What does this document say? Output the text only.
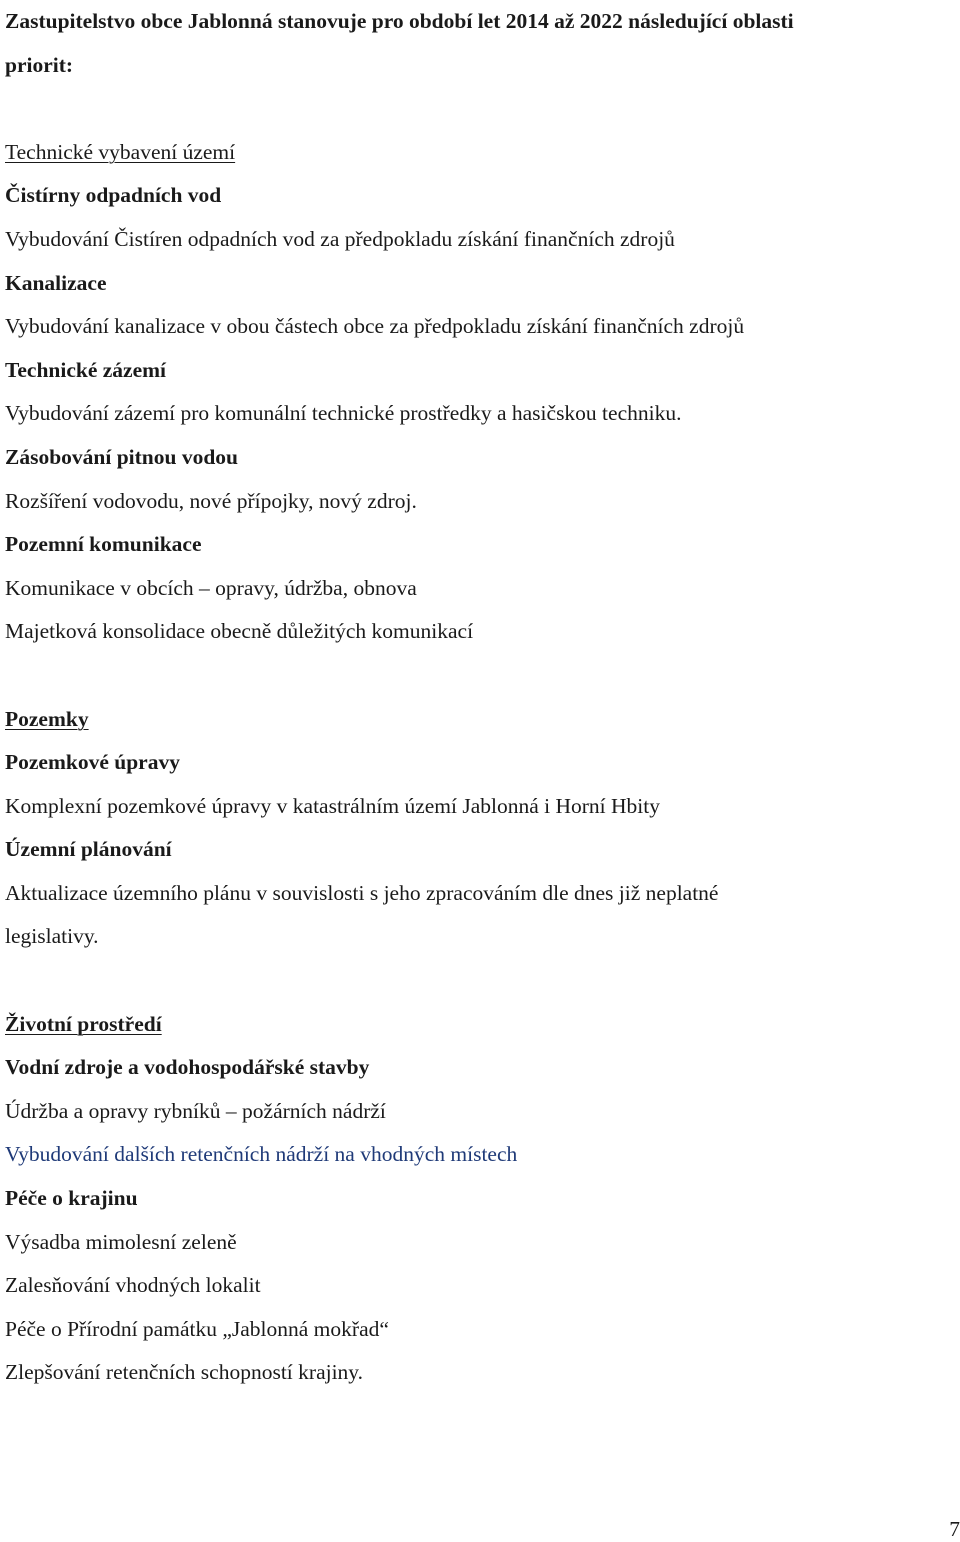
Zastupitelstvo obce Jablonná stanovuje pro období let 2014 až 2022 následující oblasti
priorit:
Technické vybavení území
Čistírny odpadních vod
Vybudování Čistíren odpadních vod za předpokladu získání finančních zdrojů
Kanalizace
Vybudování kanalizace v obou částech obce za předpokladu získání finančních zdrojů
Technické zázemí
Vybudování zázemí pro komunální technické prostředky a hasičskou techniku.
Zásobování pitnou vodou
Rozšíření vodovodu, nové přípojky, nový zdroj.
Pozemní komunikace
Komunikace v obcích – opravy, údržba, obnova
Majetková konsolidace obecně důležitých komunikací
Pozemky
Pozemkové úpravy
Komplexní pozemkové úpravy v katastrálním území Jablonná i Horní Hbity
Územní plánování
Aktualizace územního plánu v souvislosti s jeho zpracováním dle dnes již neplatné
legislativy.
Životní prostředí
Vodní zdroje a vodohospodářské stavby
Údržba a opravy rybníků – požárních nádrží
Vybudování dalších retenčních nádrží na vhodných místech
Péče o krajinu
Výsadba mimolesní zeleně
Zalesňování vhodných lokalit
Péče o Přírodní památku „Jablonná mokřad“
Zlepšování retenčních schopností krajiny.
7
